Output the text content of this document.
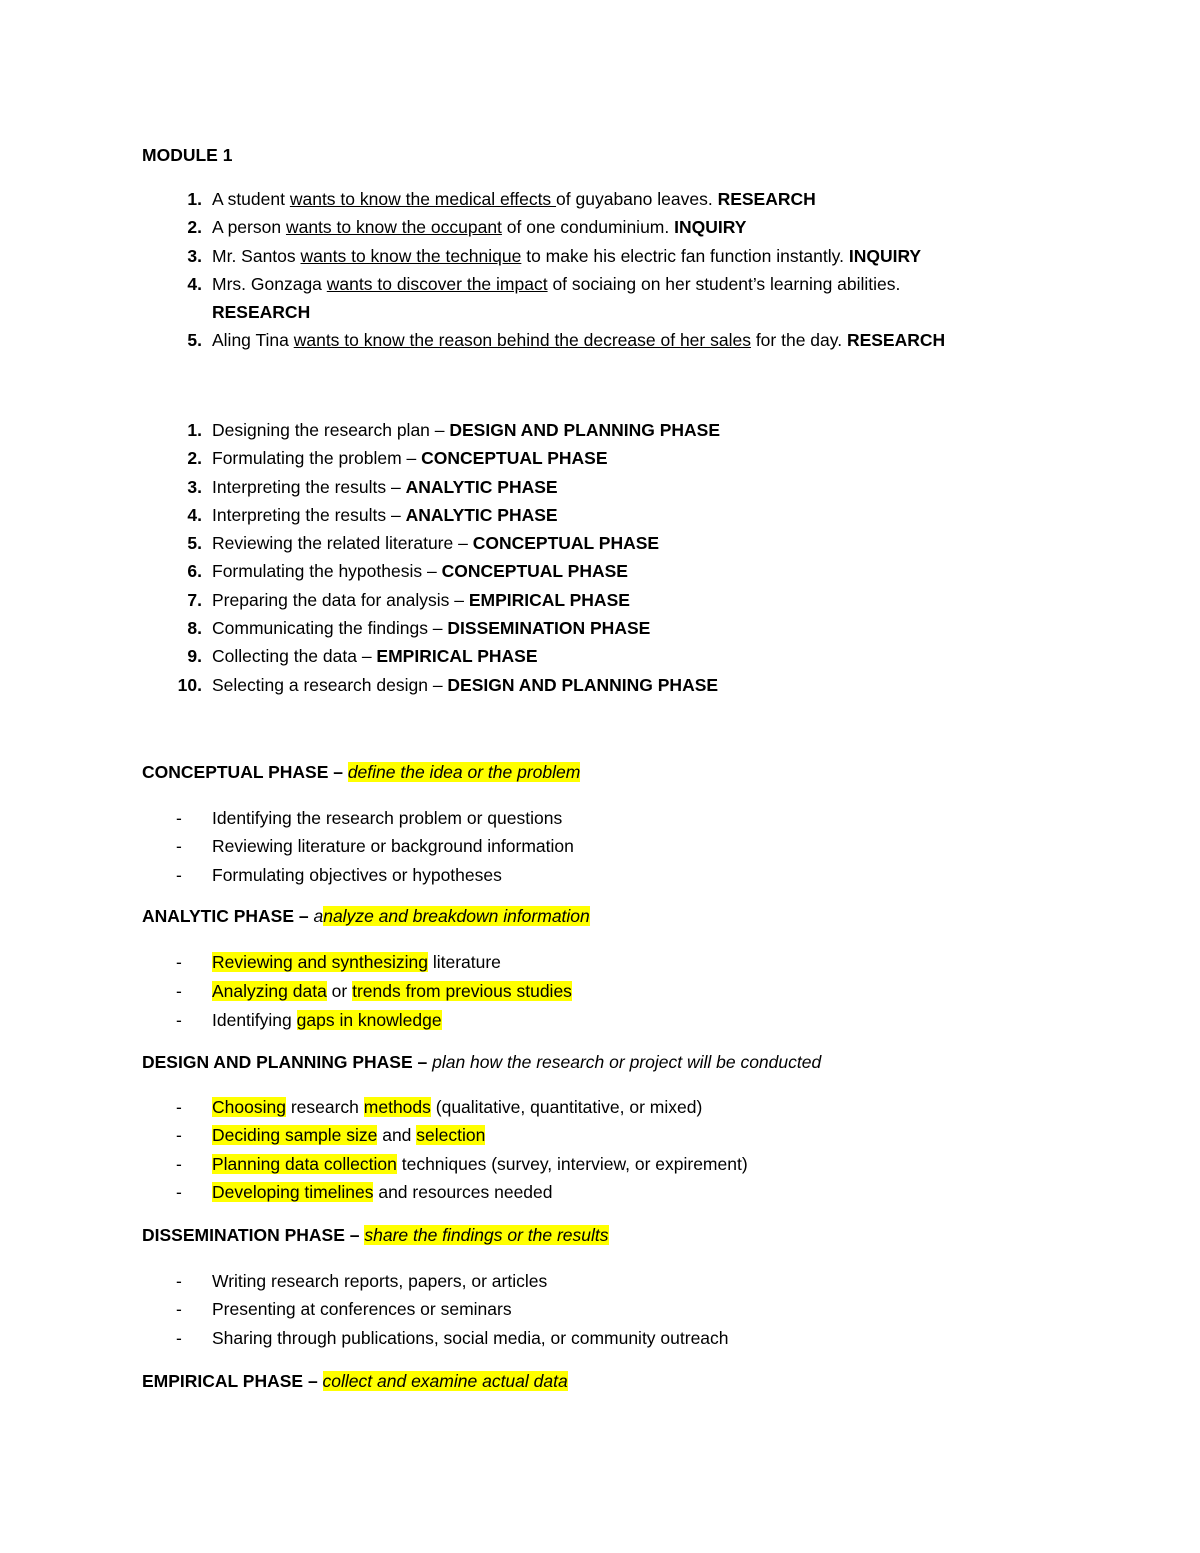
MODULE 1
1. A student wants to know the medical effects of guyabano leaves. RESEARCH
2. A person wants to know the occupant of one conduminium. INQUIRY
3. Mr. Santos wants to know the technique to make his electric fan function instantly. INQUIRY
4. Mrs. Gonzaga wants to discover the impact of sociaing on her student’s learning abilities.
RESEARCH
5. Aling Tina wants to know the reason behind the decrease of her sales for the day. RESEARCH
1. Designing the research plan – DESIGN AND PLANNING PHASE
2. Formulating the problem – CONCEPTUAL PHASE
3. Interpreting the results – ANALYTIC PHASE
4. Interpreting the results – ANALYTIC PHASE
5. Reviewing the related literature – CONCEPTUAL PHASE
6. Formulating the hypothesis – CONCEPTUAL PHASE
7. Preparing the data for analysis – EMPIRICAL PHASE
8. Communicating the findings – DISSEMINATION PHASE
9. Collecting the data – EMPIRICAL PHASE
10. Selecting a research design – DESIGN AND PLANNING PHASE

CONCEPTUAL PHASE – define the idea or the problem

- Identifying the research problem or questions
- Reviewing literature or background information
- Formulating objectives or hypotheses

ANALYTIC PHASE – analyze and breakdown information

- Reviewing and synthesizing literature
- Analyzing data or trends from previous studies
- Identifying gaps in knowledge

DESIGN AND PLANNING PHASE – plan how the research or project will be conducted

- Choosing research methods (qualitative, quantitative, or mixed)
- Deciding sample size and selection
- Planning data collection techniques (survey, interview, or expirement)
- Developing timelines and resources needed

DISSEMINATION PHASE – share the findings or the results

- Writing research reports, papers, or articles
- Presenting at conferences or seminars
- Sharing through publications, social media, or community outreach

EMPIRICAL PHASE – collect and examine actual data
